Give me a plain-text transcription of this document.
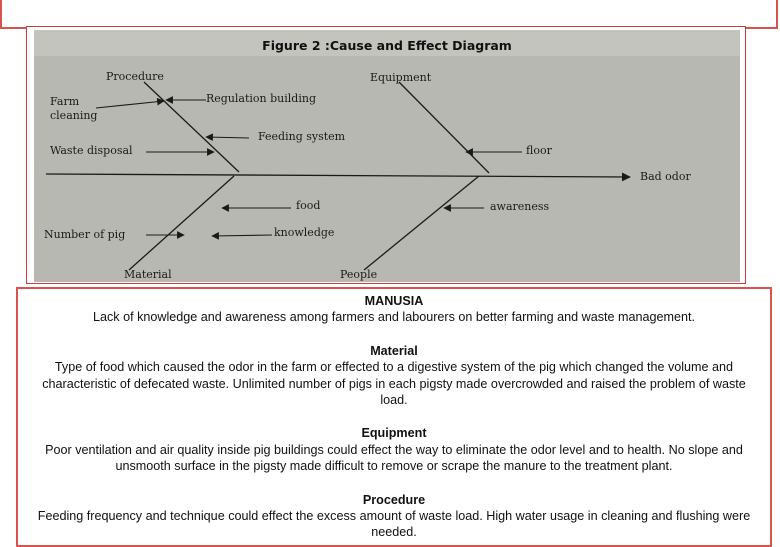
Figure 2 :Cause and Effect Diagram
Procedure	Equipment
Farm
cleaning
Regulation building
Feeding system
Waste disposal	floor
Bad odor
food	awareness
Number of pig	knowledge
Material	People
MANUSIA
Lack of knowledge and awareness among farmers and labourers on better farming and waste management.
Material
Type of food which caused the odor in the farm or effected to a digestive system of the pig which changed the volume and characteristic of defecated waste. Unlimited number of pigs in each pigsty made overcrowded and raised the problem of waste load.
Equipment
Poor ventilation and air quality inside pig buildings could effect the way to eliminate the odor level and to health. No slope and unsmooth surface in the pigsty made difficult to remove or scrape the manure to the treatment plant.
Procedure
Feeding frequency and technique could effect the excess amount of waste load. High water usage in cleaning and flushing were needed.
